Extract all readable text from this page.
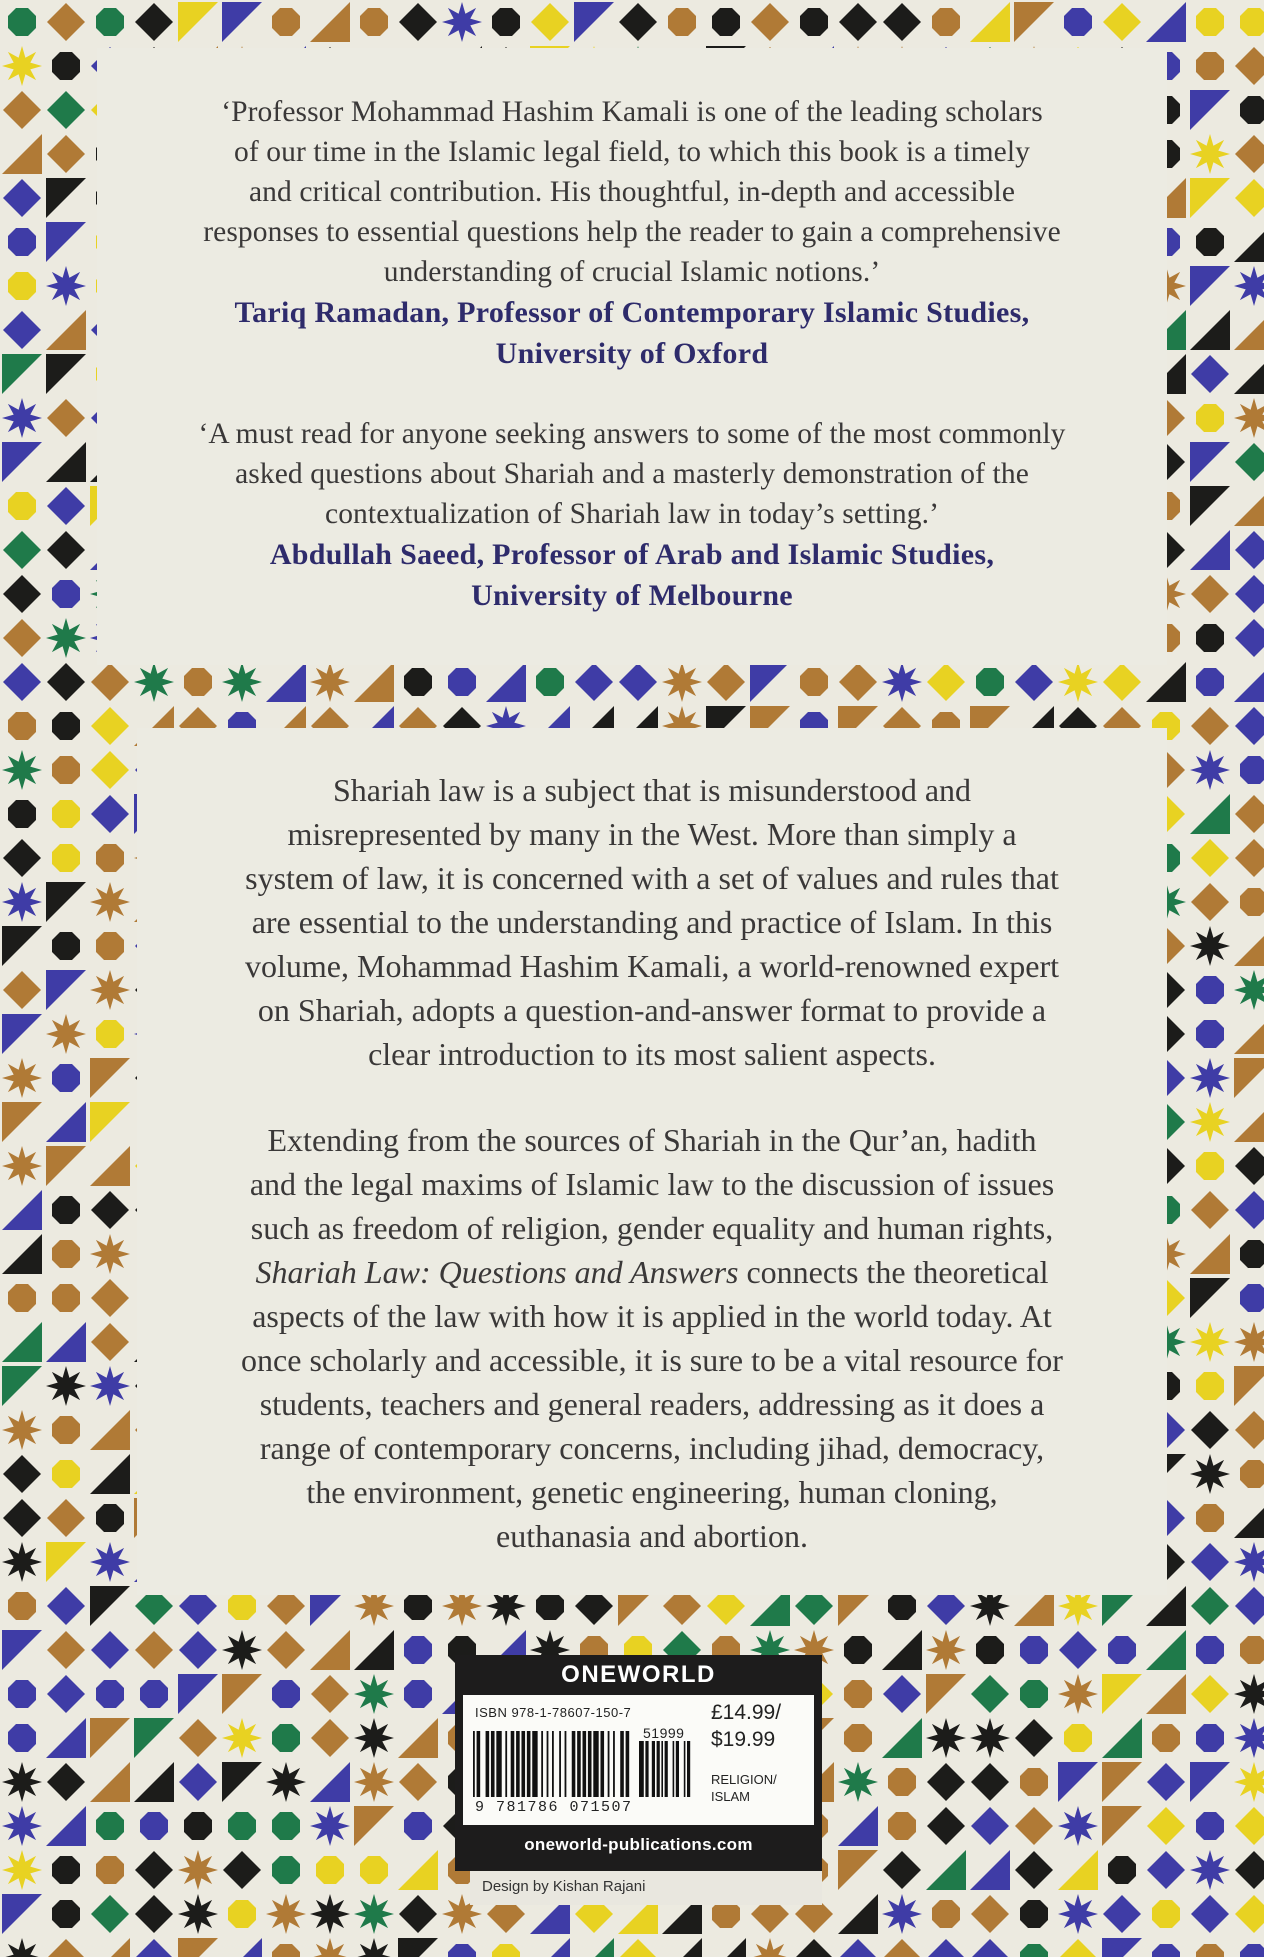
‘Professor Mohammad Hashim Kamali is one of the leading scholars

of our time in the Islamic legal field, to which this book is a timely

and critical contribution. His thoughtful, in-depth and accessible

responses to essential questions help the reader to gain a comprehensive

understanding of crucial Islamic notions.’

Tariq Ramadan, Professor of Contemporary Islamic Studies,

University of Oxford

‘A must read for anyone seeking answers to some of the most commonly

asked questions about Shariah and a masterly demonstration of the

contextualization of Shariah law in today’s setting.’

Abdullah Saeed, Professor of Arab and Islamic Studies,

University of Melbourne

Shariah law is a subject that is misunderstood and

misrepresented by many in the West. More than simply a

system of law, it is concerned with a set of values and rules that

are essential to the understanding and practice of Islam. In this

volume, Mohammad Hashim Kamali, a world-renowned expert

on Shariah, adopts a question-and-answer format to provide a

clear introduction to its most salient aspects.

Extending from the sources of Shariah in the Qur’an, hadith

and the legal maxims of Islamic law to the discussion of issues

such as freedom of religion, gender equality and human rights,

Shariah Law: Questions and Answers connects the theoretical

aspects of the law with how it is applied in the world today. At

once scholarly and accessible, it is sure to be a vital resource for

students, teachers and general readers, addressing as it does a

range of contemporary concerns, including jihad, democracy,

the environment, genetic engineering, human cloning,

euthanasia and abortion.

ONEWORLD
ISBN 978-1-78607-150-7
51999
9 781786 071507
£14.99/
$19.99
RELIGION/
ISLAM
oneworld-publications.com
Design by Kishan Rajani
